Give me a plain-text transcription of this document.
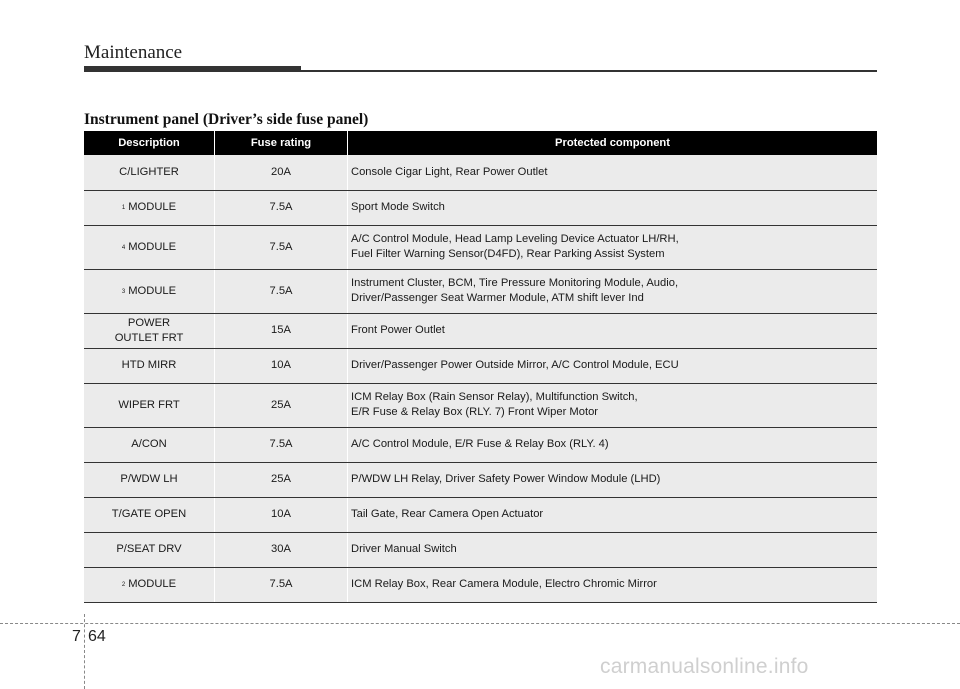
Maintenance
Instrument panel (Driver’s side fuse panel)
Description	Fuse rating	Protected component
C/LIGHTER	20A	Console Cigar Light, Rear Power Outlet

$^1$ MODULE	7.5A	Sport Mode Switch

$^4$ MODULE	7.5A	A/C Control Module, Head Lamp Leveling Device Actuator LH/RH,
Fuel Filter Warning Sensor(D4FD), Rear Parking Assist System

$^3$ MODULE	7.5A	Instrument Cluster, BCM, Tire Pressure Monitoring Module, Audio,
Driver/Passenger Seat Warmer Module, ATM shift lever Ind

POWER
OUTLET FRT	15A	Front Power Outlet

HTD MIRR	10A	Driver/Passenger Power Outside Mirror, A/C Control Module, ECU

WIPER FRT	25A	ICM Relay Box (Rain Sensor Relay), Multifunction Switch,
E/R Fuse & Relay Box (RLY. 7) Front Wiper Motor

A/CON	7.5A	A/C Control Module, E/R Fuse & Relay Box (RLY. 4)

P/WDW LH	25A	P/WDW LH Relay, Driver Safety Power Window Module (LHD)

T/GATE OPEN	10A	Tail Gate, Rear Camera Open Actuator

P/SEAT DRV	30A	Driver Manual Switch

$^2$ MODULE	7.5A	ICM Relay Box, Rear Camera Module, Electro Chromic Mirror
7 64
carmanualsonline.info
